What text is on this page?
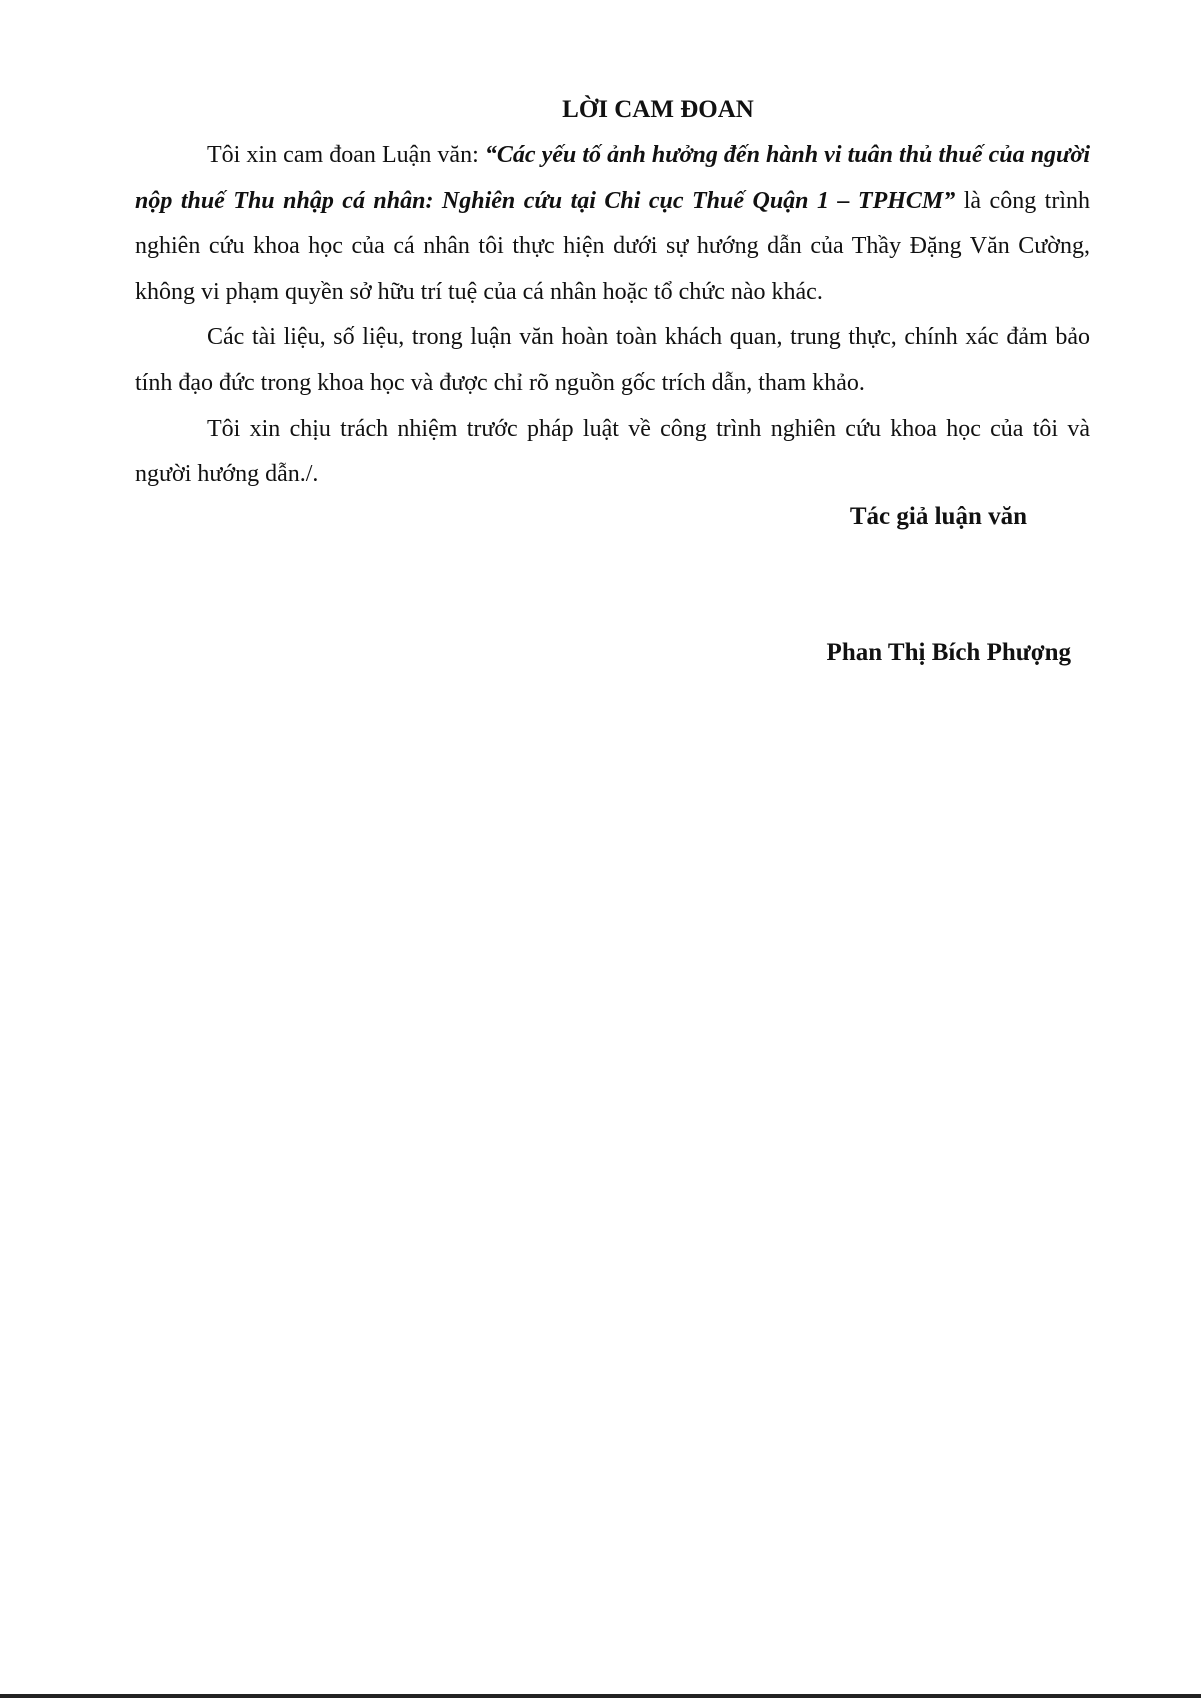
LỜI CAM ĐOAN

Tôi xin cam đoan Luận văn: “Các yếu tố ảnh hưởng đến hành vi tuân thủ thuế của người nộp thuế Thu nhập cá nhân: Nghiên cứu tại Chi cục Thuế Quận 1 – TPHCM” là công trình nghiên cứu khoa học của cá nhân tôi thực hiện dưới sự hướng dẫn của Thầy Đặng Văn Cường, không vi phạm quyền sở hữu trí tuệ của cá nhân hoặc tổ chức nào khác.

Các tài liệu, số liệu, trong luận văn hoàn toàn khách quan, trung thực, chính xác đảm bảo tính đạo đức trong khoa học và được chỉ rõ nguồn gốc trích dẫn, tham khảo.

Tôi xin chịu trách nhiệm trước pháp luật về công trình nghiên cứu khoa học của tôi và người hướng dẫn./.

Tác giả luận văn

Phan Thị Bích Phượng
